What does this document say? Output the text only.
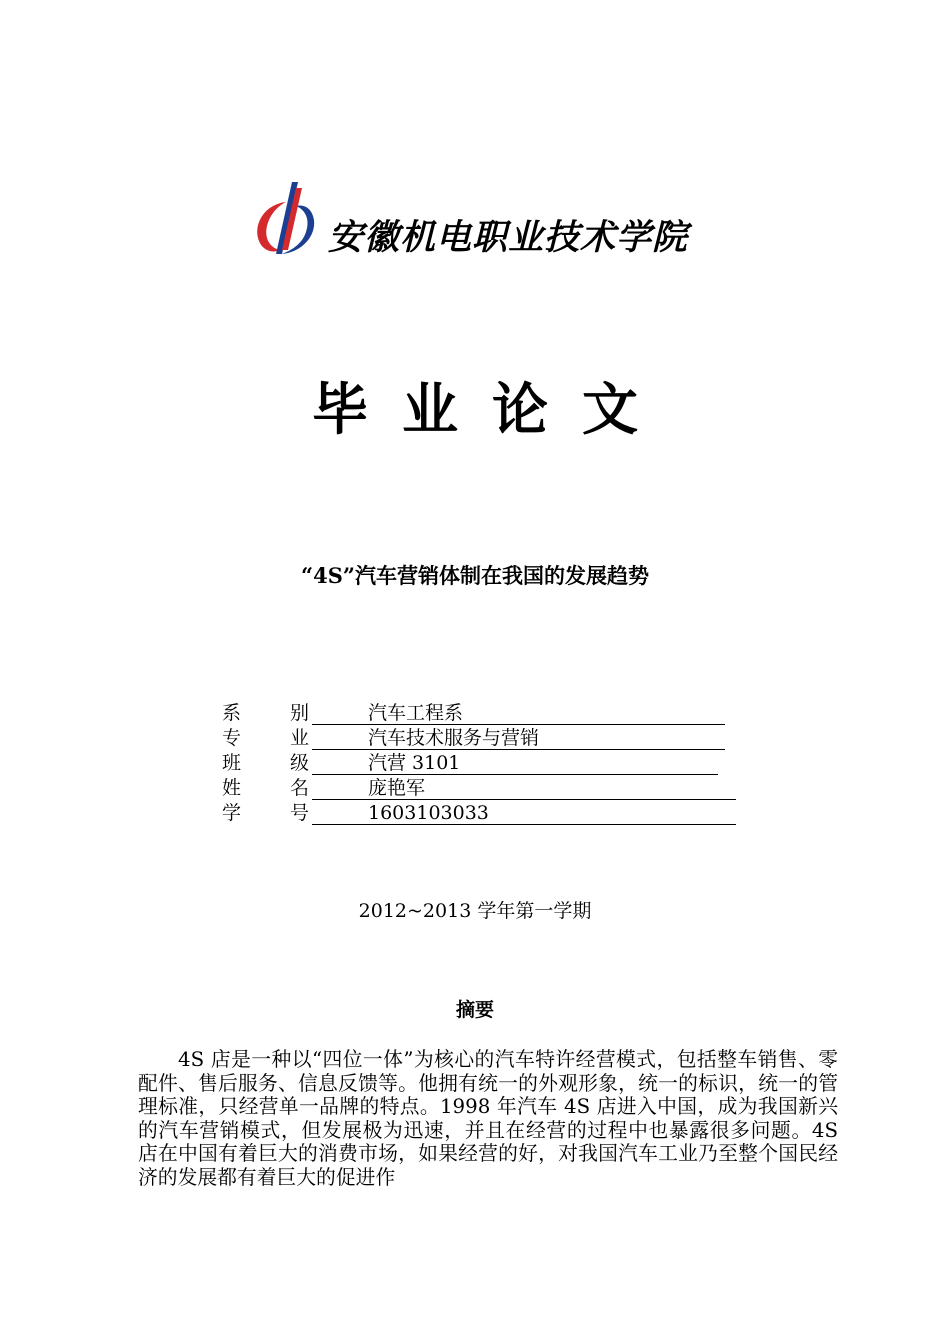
安徽机电职业技术学院
毕业论文
“4S”汽车营销体制在我国的发展趋势
系	别	汽车工程系
专	业	汽车技术服务与营销
班	级	汽营 3101
姓	名	庞艳军
学	号	1603103033
2012~2013 学年第一学期
摘要

4S 店是一种以“四位一体”为核心的汽车特许经营模式，包括整车销售、零配件、售后服务、信息反馈等。他拥有统一的外观形象，统一的标识，统一的管理标准，只经营单一品牌的特点。1998 年汽车 4S 店进入中国，成为我国新兴的汽车营销模式，但发展极为迅速，并且在经营的过程中也暴露很多问题。4S 店在中国有着巨大的消费市场，如果经营的好，对我国汽车工业乃至整个国民经济的发展都有着巨大的促进作
